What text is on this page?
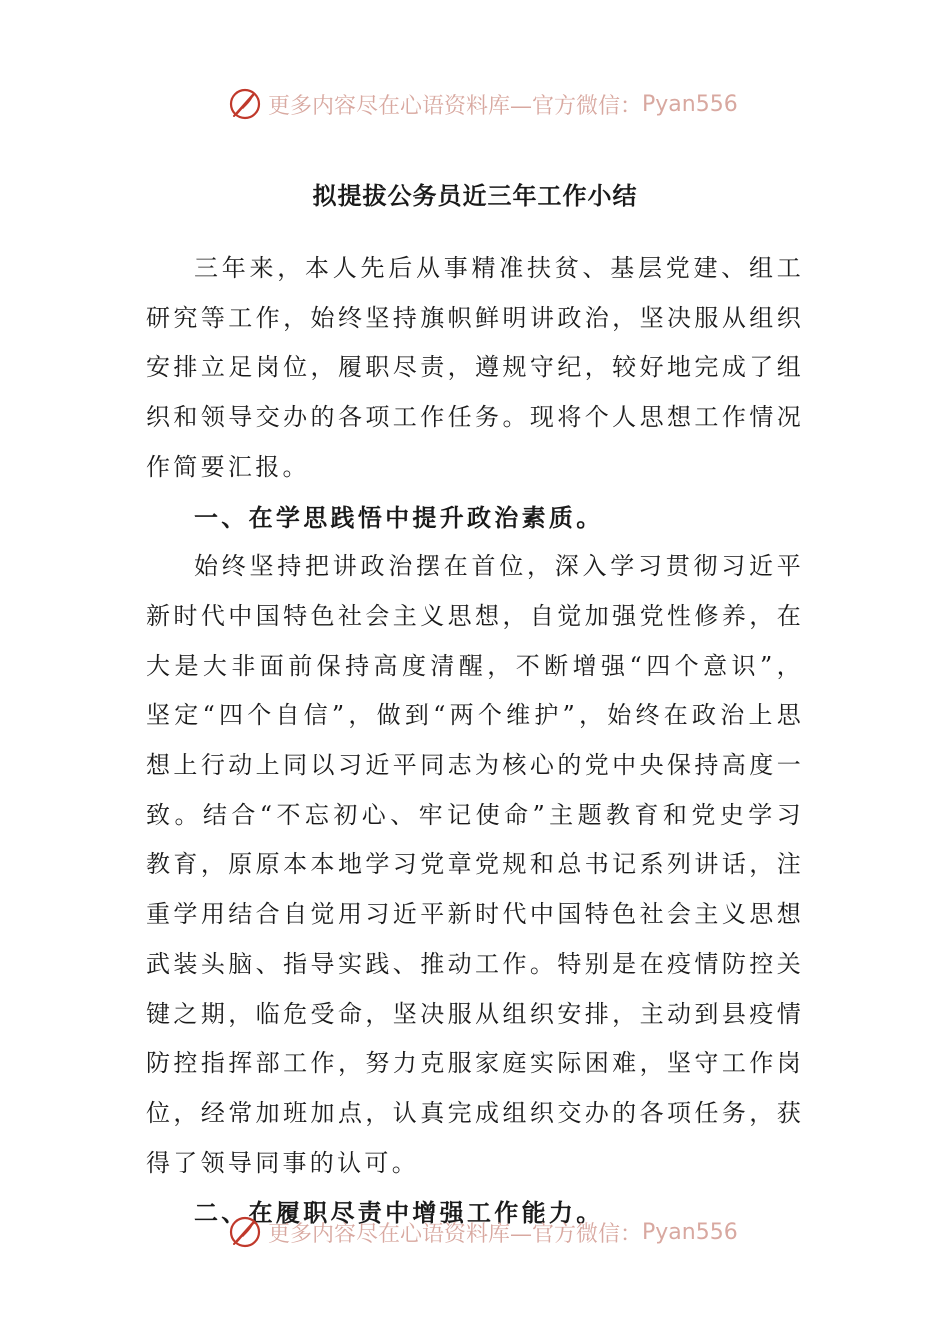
更多内容尽在心语资料库—官方微信： Pyan556
拟提拔公务员近三年工作小结

三年来，本人先后从事精准扶贫、基层党建、组工研究等工作，始终坚持旗帜鲜明讲政治，坚决服从组织安排立足岗位，履职尽责，遵规守纪，较好地完成了组织和领导交办的各项工作任务。现将个人思想工作情况作简要汇报。

一、在学思践悟中提升政治素质。

始终坚持把讲政治摆在首位，深入学习贯彻习近平新时代中国特色社会主义思想，自觉加强党性修养，在大是大非面前保持高度清醒，不断增强“四个意识”，坚定“四个自信”，做到“两个维护”，始终在政治上思想上行动上同以习近平同志为核心的党中央保持高度一致。结合“不忘初心、牢记使命”主题教育和党史学习教育，原原本本地学习党章党规和总书记系列讲话，注重学用结合自觉用习近平新时代中国特色社会主义思想武装头脑、指导实践、推动工作。特别是在疫情防控关键之期，临危受命，坚决服从组织安排，主动到县疫情防控指挥部工作，努力克服家庭实际困难，坚守工作岗位，经常加班加点，认真完成组织交办的各项任务，获得了领导同事的认可。

二、在履职尽责中增强工作能力。

更多内容尽在心语资料库—官方微信： Pyan556
